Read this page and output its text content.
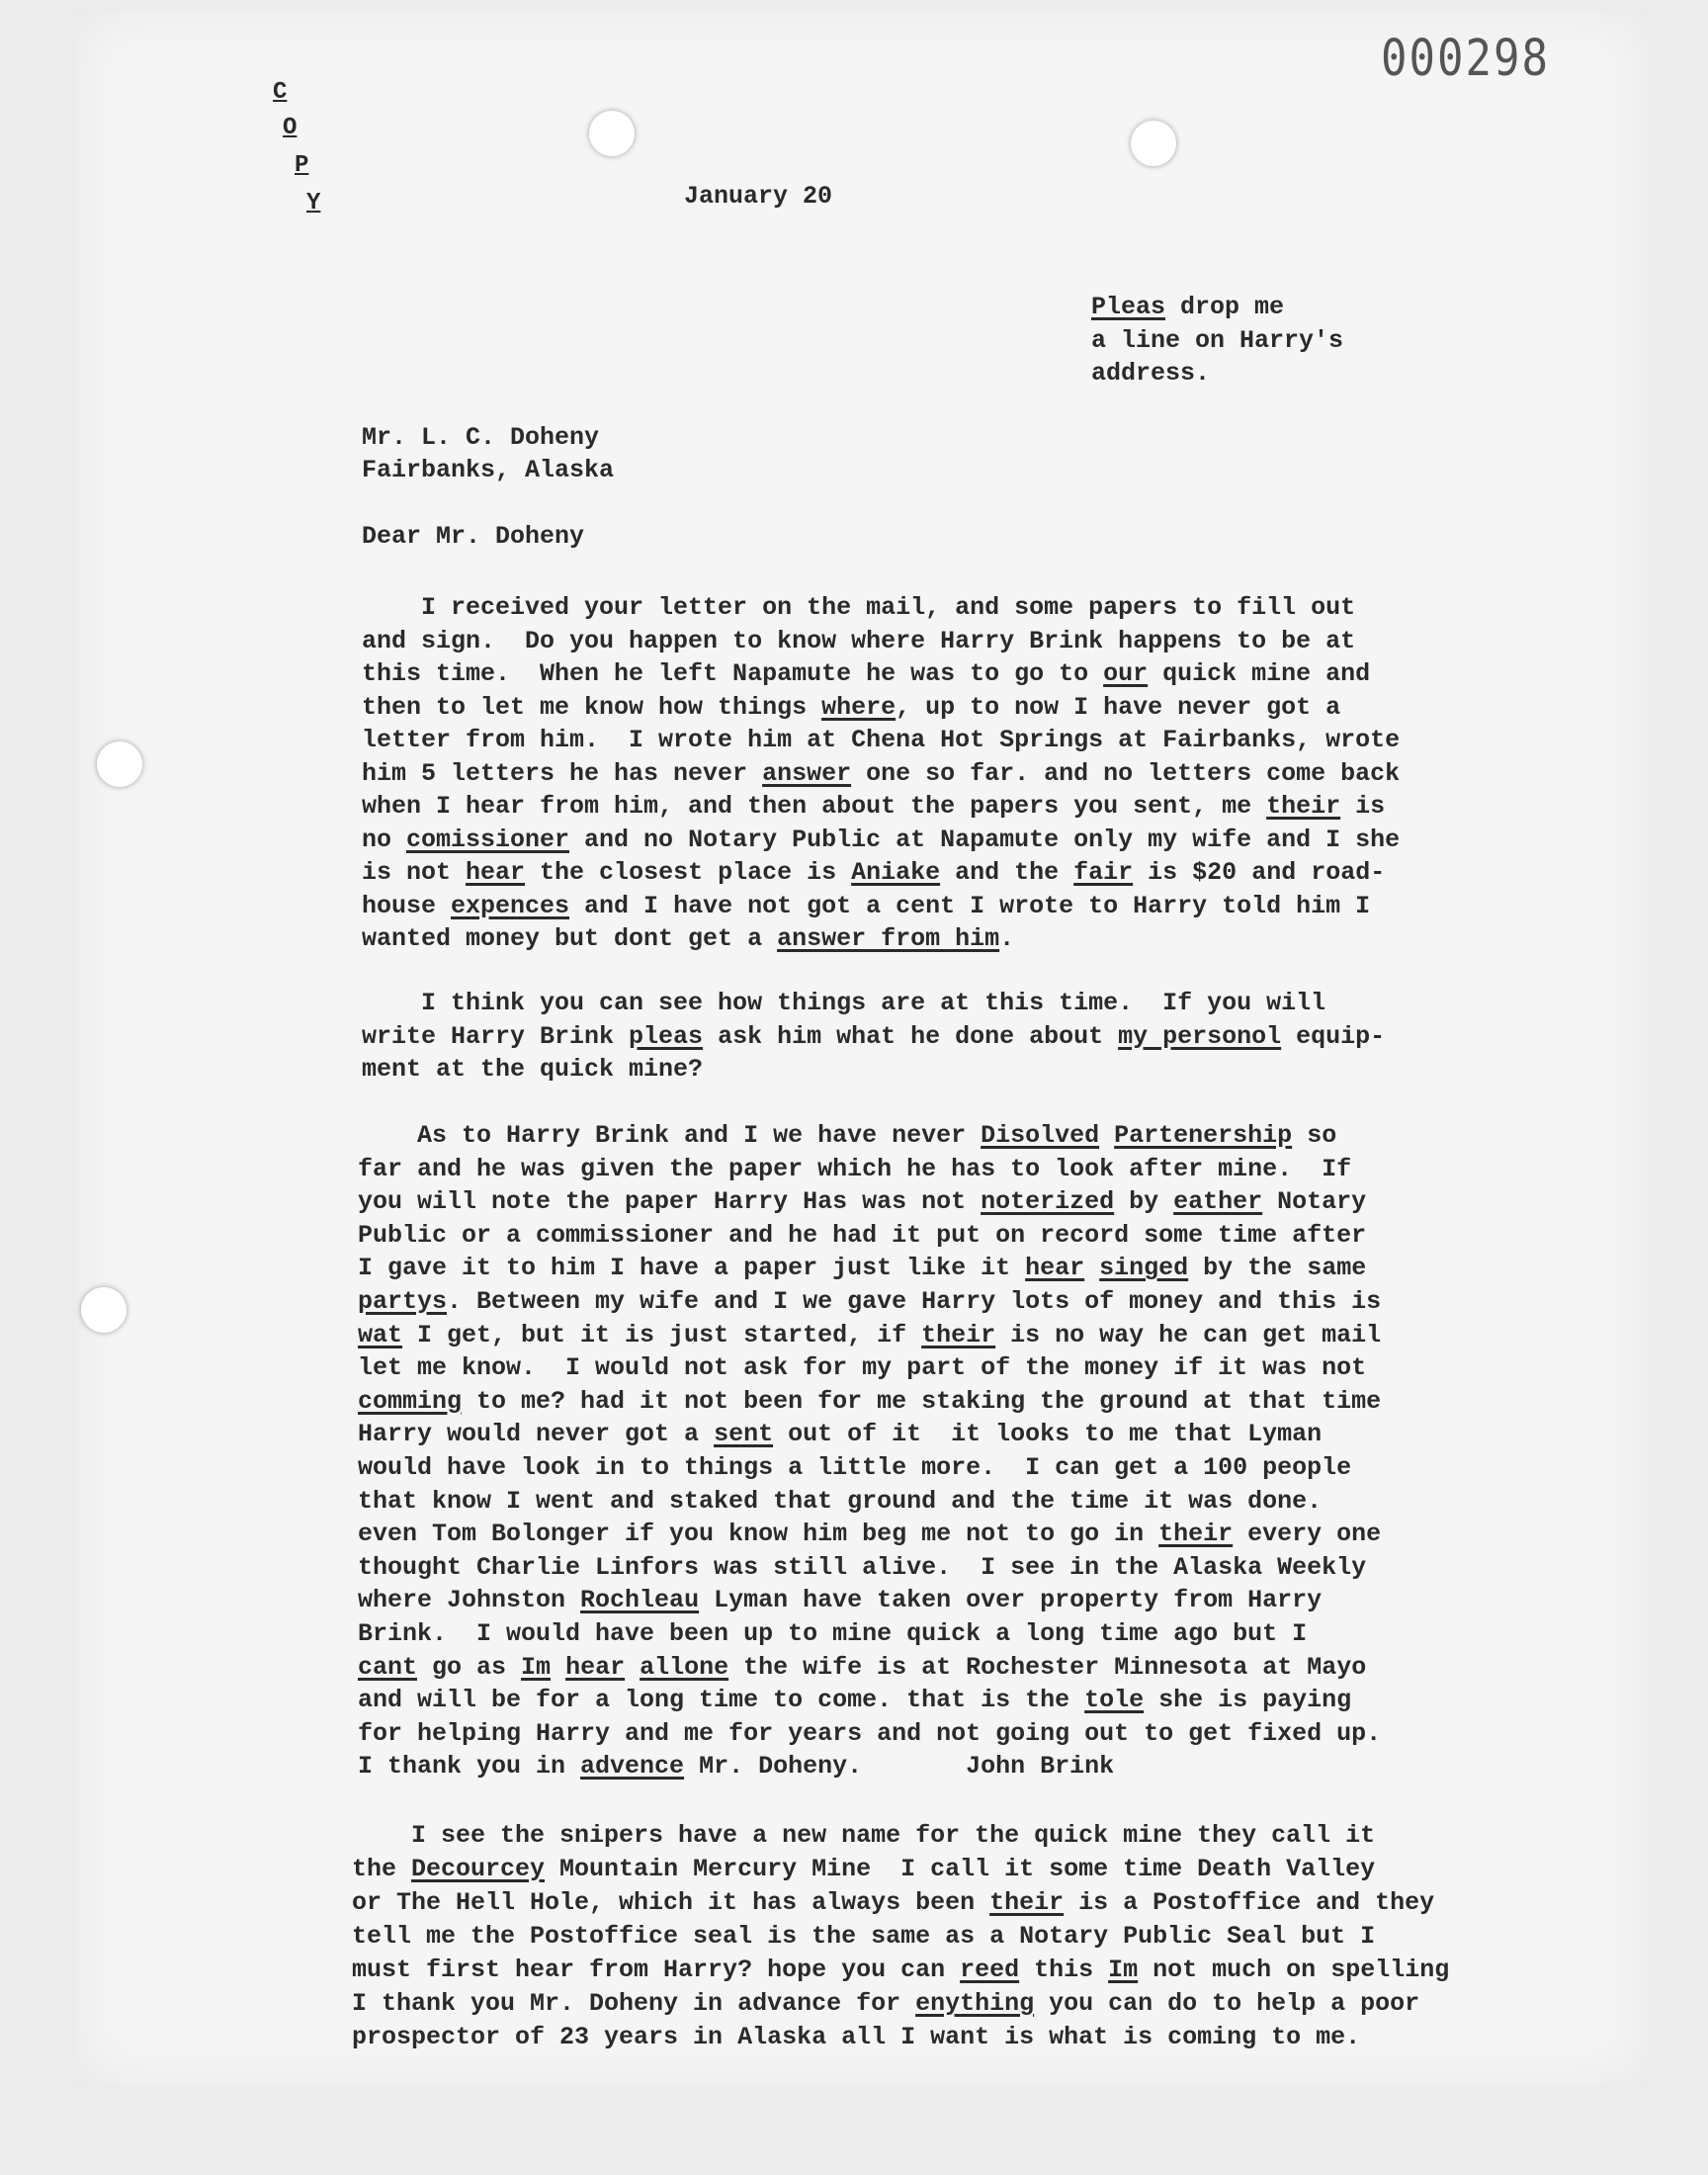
000298
C
O
P
Y	January 20
Pleas drop me
a line on Harry's
address.
Mr. L. C. Doheny
Fairbanks, Alaska
Dear Mr. Doheny
I received your letter on the mail, and some papers to fill out
and sign.  Do you happen to know where Harry Brink happens to be at
this time.  When he left Napamute he was to go to our quick mine and
then to let me know how things where, up to now I have never got a
letter from him.  I wrote him at Chena Hot Springs at Fairbanks, wrote
him 5 letters he has never answer one so far. and no letters come back
when I hear from him, and then about the papers you sent, me their is
no comissioner and no Notary Public at Napamute only my wife and I she
is not hear the closest place is Aniake and the fair is $20 and road-
house expences and I have not got a cent I wrote to Harry told him I
wanted money but dont get a answer from him.
I think you can see how things are at this time.  If you will
write Harry Brink pleas ask him what he done about my personol equip-
ment at the quick mine?
As to Harry Brink and I we have never Disolved Partenership so
far and he was given the paper which he has to look after mine.  If
you will note the paper Harry Has was not noterized by eather Notary
Public or a commissioner and he had it put on record some time after
I gave it to him I have a paper just like it hear singed by the same
partys. Between my wife and I we gave Harry lots of money and this is
wat I get, but it is just started, if their is no way he can get mail
let me know.  I would not ask for my part of the money if it was not
comming to me? had it not been for me staking the ground at that time
Harry would never got a sent out of it  it looks to me that Lyman
would have look in to things a little more.  I can get a 100 people
that know I went and staked that ground and the time it was done.
even Tom Bolonger if you know him beg me not to go in their every one
thought Charlie Linfors was still alive.  I see in the Alaska Weekly
where Johnston Rochleau Lyman have taken over property from Harry
Brink.  I would have been up to mine quick a long time ago but I
cant go as Im hear allone the wife is at Rochester Minnesota at Mayo
and will be for a long time to come. that is the tole she is paying
for helping Harry and me for years and not going out to get fixed up.
I thank you in advence Mr. Doheny.       John Brink
I see the snipers have a new name for the quick mine they call it
the Decourcey Mountain Mercury Mine  I call it some time Death Valley
or The Hell Hole, which it has always been their is a Postoffice and they
tell me the Postoffice seal is the same as a Notary Public Seal but I
must first hear from Harry? hope you can reed this Im not much on spelling
I thank you Mr. Doheny in advance for enything you can do to help a poor
prospector of 23 years in Alaska all I want is what is coming to me.
